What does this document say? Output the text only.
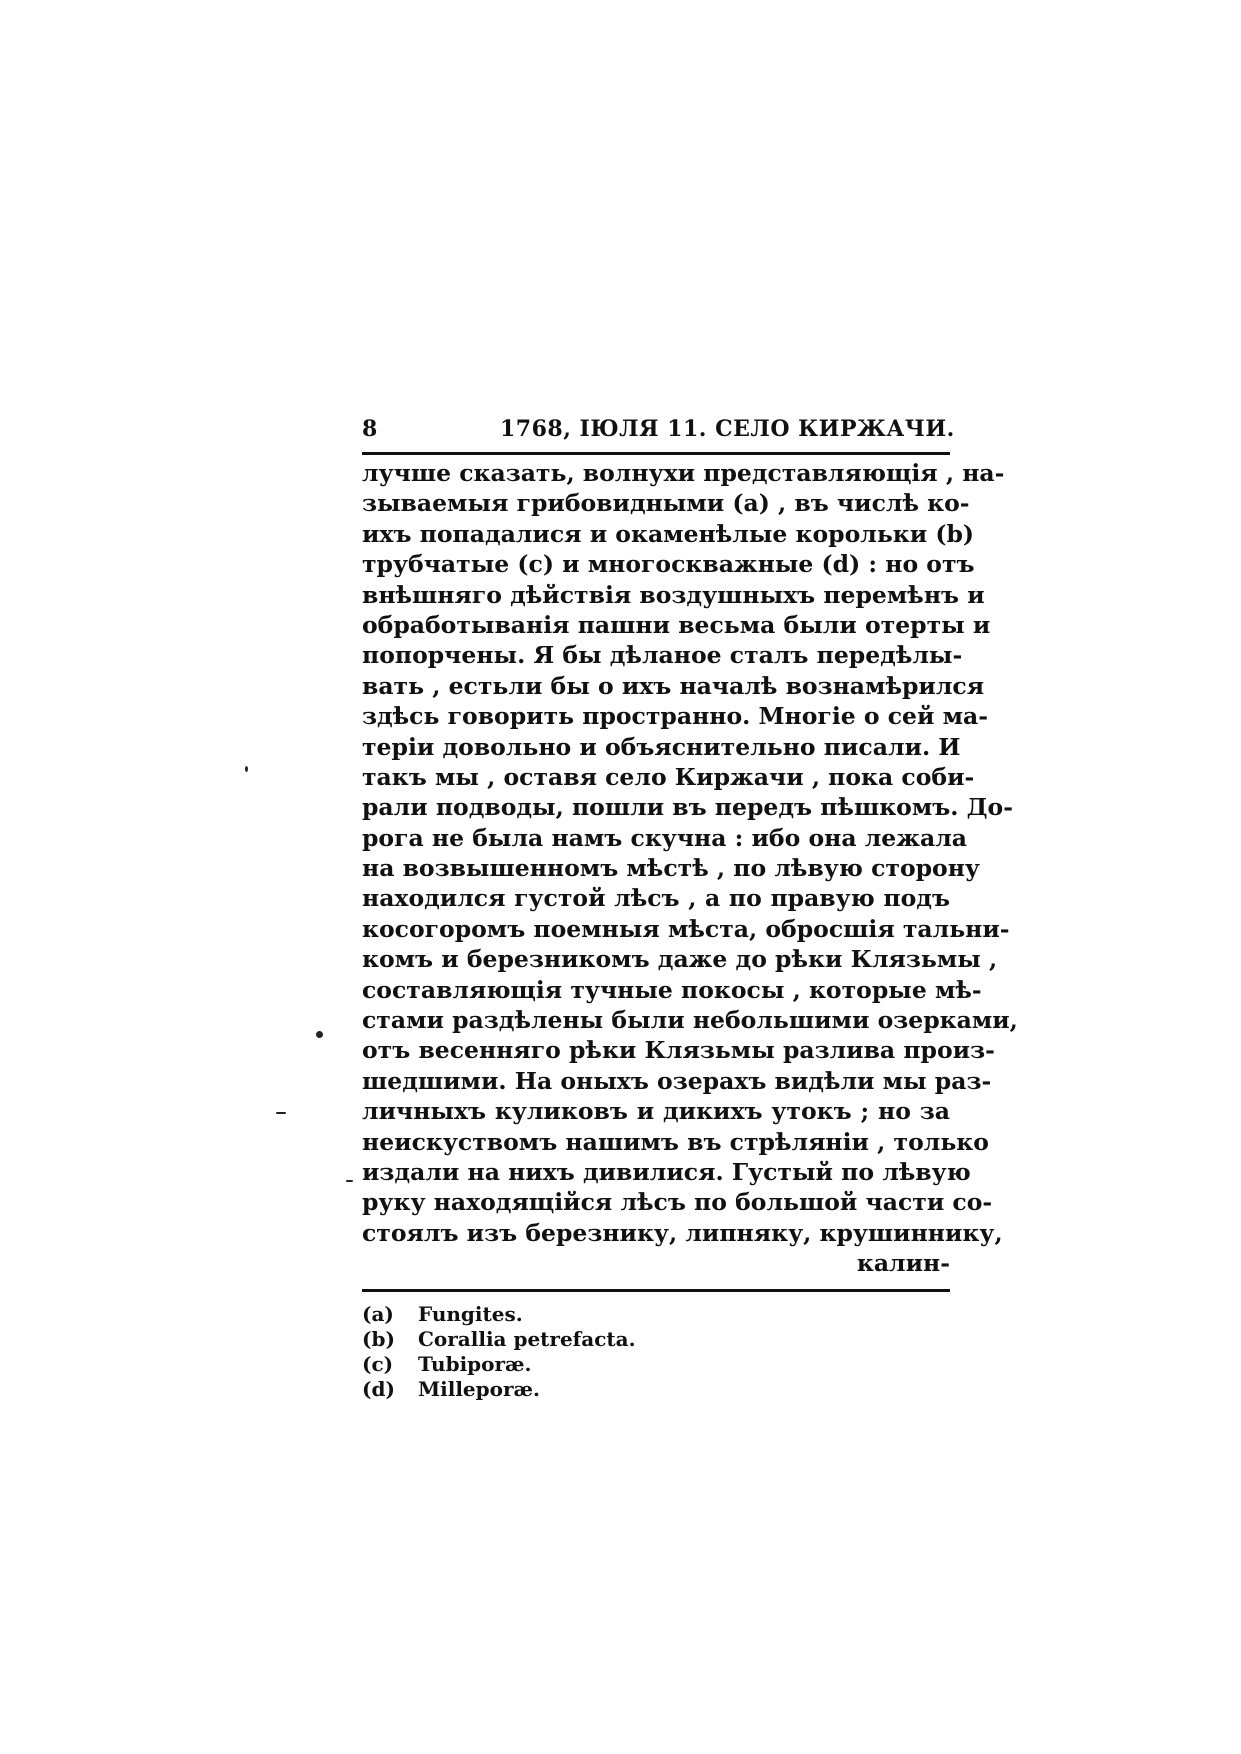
8	1768, ІЮЛЯ 11. СЕЛО КИРЖАЧИ.
лучше сказать, волнухи представляющія , на-
зываемыя грибовидными (a) , въ числѣ ко-
ихъ попадалися и окаменѣлые корольки (b)
трубчатые (c) и многоскважные (d) : но отъ
внѣшняго дѣйствія воздушныхъ перемѣнъ и
обработыванія пашни весьма были отерты и
попорчены. Я бы дѣланое сталъ передѣлы-
вать , естьли бы о ихъ началѣ вознамѣрился
здѣсь говорить пространно. Многіе о сей ма-
теріи довольно и объяснительно писали. И
такъ мы , оставя село Киржачи , пока соби-
рали подводы, пошли въ передъ пѣшкомъ. До-
рога не была намъ скучна : ибо она лежала
на возвышенномъ мѣстѣ , по лѣвую сторону
находился густой лѣсъ , а по правую подъ
косогоромъ поемныя мѣста, обросшія тальни-
комъ и березникомъ даже до рѣки Клязьмы ,
составляющія тучные покосы , которые мѣ-
стами раздѣлены были небольшими озерками,
отъ весенняго рѣки Клязьмы разлива произ-
шедшими. На оныхъ озерахъ видѣли мы раз-
личныхъ куликовъ и дикихъ утокъ ; но за
неискуствомъ нашимъ въ стрѣляніи , только
издали на нихъ дивилися. Густый по лѣвую
руку находящійся лѣсъ по большой части со-
стоялъ изъ березнику, липняку, крушиннику,
калин-
(a) Fungites.
(b) Corallia petrefacta.
(c) Tubiporæ.
(d) Milleporæ.
